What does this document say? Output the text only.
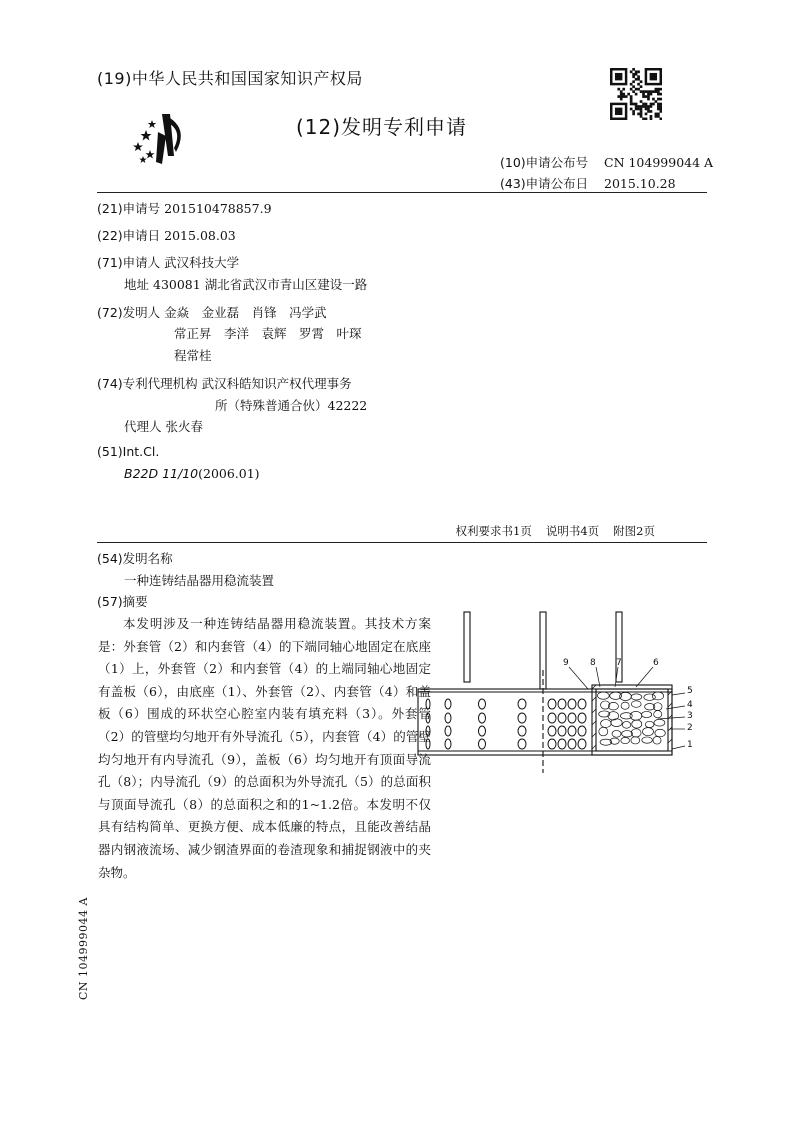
(19)中华人民共和国国家知识产权局
(12)发明专利申请
(10)申请公布号 CN 104999044 A
(43)申请公布日 2015.10.28
(21)申请号 201510478857.9
(22)申请日 2015.08.03
(71)申请人 武汉科技大学
地址 430081 湖北省武汉市青山区建设一路
(72)发明人 金焱　金业磊　肖锋　冯学武
常正昇　李洋　袁辉　罗霄　叶琛
程常桂
(74)专利代理机构 武汉科皓知识产权代理事务
所（特殊普通合伙）42222
代理人 张火春
(51)Int.Cl.
B22D 11/10(2006.01)
权利要求书1页 说明书4页 附图2页
(54)发明名称
一种连铸结晶器用稳流装置
(57)摘要
本发明涉及一种连铸结晶器用稳流装置。其技术方案是：外套管（2）和内套管（4）的下端同轴心地固定在底座（1）上，外套管（2）和内套管（4）的上端同轴心地固定有盖板（6），由底座（1）、外套管（2）、内套管（4）和盖板（6）围成的环状空心腔室内装有填充料（3）。外套管（2）的管壁均匀地开有外导流孔（5），内套管（4）的管壁均匀地开有内导流孔（9），盖板（6）均匀地开有顶面导流孔（8）；内导流孔（9）的总面积为外导流孔（5）的总面积与顶面导流孔（8）的总面积之和的1~1.2倍。本发明不仅具有结构简单、更换方便、成本低廉的特点，且能改善结晶器内钢液流场、减少钢渣界面的卷渣现象和捕捉钢液中的夹杂物。
9 8 7	6
5
4
3
2
1
CN 104999044 A
